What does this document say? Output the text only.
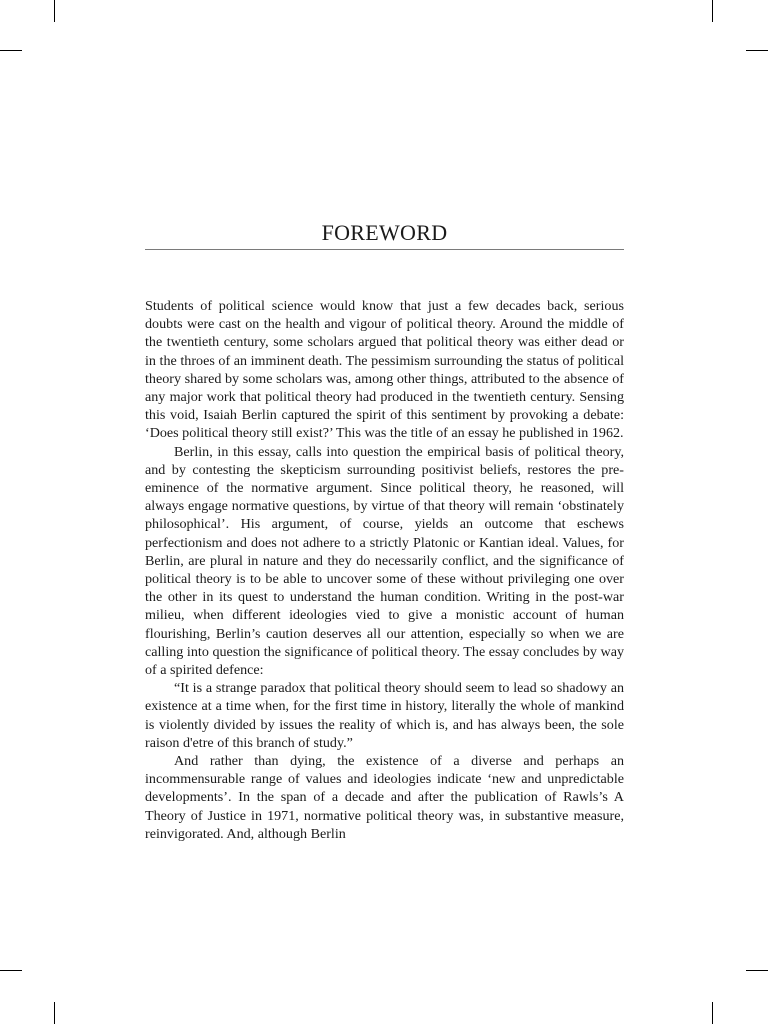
FOREWORD

Students of political science would know that just a few decades back, serious doubts were cast on the health and vigour of political theory. Around the middle of the twentieth century, some scholars argued that political theory was either dead or in the throes of an imminent death. The pessimism surrounding the status of political theory shared by some scholars was, among other things, attributed to the absence of any major work that political theory had produced in the twentieth century. Sensing this void, Isaiah Berlin captured the spirit of this sentiment by provoking a debate: ‘Does political theory still exist?’ This was the title of an essay he published in 1962.

Berlin, in this essay, calls into question the empirical basis of political theory, and by contesting the skepticism surrounding positivist beliefs, restores the pre-eminence of the normative argument. Since political theory, he reasoned, will always engage normative questions, by virtue of that theory will remain ‘obstinately philosophical’. His argument, of course, yields an outcome that eschews perfectionism and does not adhere to a strictly Platonic or Kantian ideal. Values, for Berlin, are plural in nature and they do necessarily conflict, and the significance of political theory is to be able to uncover some of these without privileging one over the other in its quest to understand the human condition. Writing in the post-war milieu, when different ideologies vied to give a monistic account of human flourishing, Berlin’s caution deserves all our attention, especially so when we are calling into question the significance of political theory. The essay concludes by way of a spirited defence:

“It is a strange paradox that political theory should seem to lead so shadowy an existence at a time when, for the first time in history, literally the whole of mankind is violently divided by issues the reality of which is, and has always been, the sole raison d'etre of this branch of study.”

And rather than dying, the existence of a diverse and perhaps an incommensurable range of values and ideologies indicate ‘new and unpredictable developments’. In the span of a decade and after the publication of Rawls’s A Theory of Justice in 1971, normative political theory was, in substantive measure, reinvigorated. And, although Berlin
